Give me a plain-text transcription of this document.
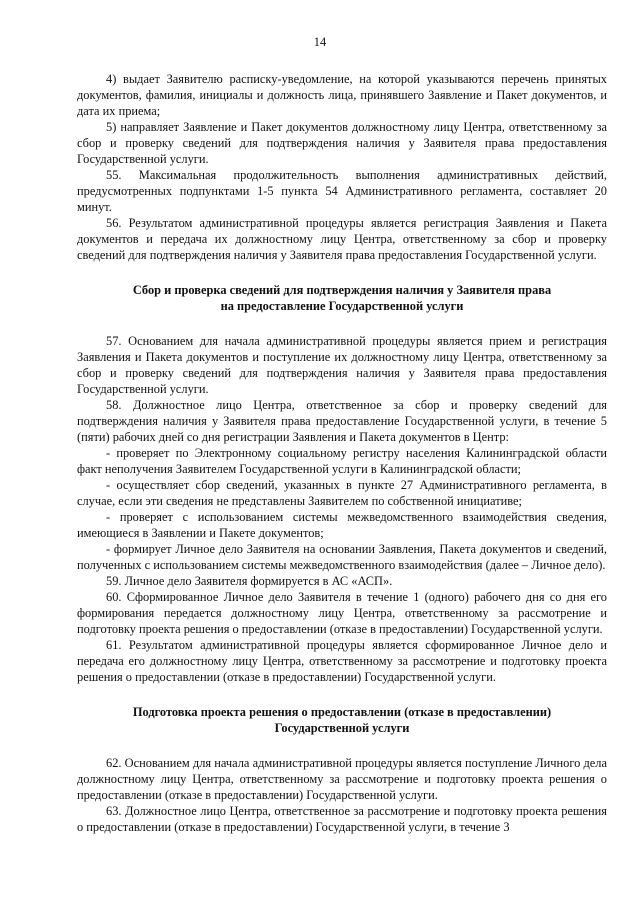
14

4) выдает Заявителю расписку-уведомление, на которой указываются перечень принятых документов, фамилия, инициалы и должность лица, принявшего Заявление и Пакет документов, и дата их приема;

5) направляет Заявление и Пакет документов должностному лицу Центра, ответственному за сбор и проверку сведений для подтверждения наличия у Заявителя права предоставления Государственной услуги.

55. Максимальная продолжительность выполнения административных действий, предусмотренных подпунктами 1-5 пункта 54 Административного регламента, составляет 20 минут.

56. Результатом административной процедуры является регистрация Заявления и Пакета документов и передача их должностному лицу Центра, ответственному за сбор и проверку сведений для подтверждения наличия у Заявителя права предоставления Государственной услуги.

Сбор и проверка сведений для подтверждения наличия у Заявителя права
на предоставление Государственной услуги

57. Основанием для начала административной процедуры является прием и регистрация Заявления и Пакета документов и поступление их должностному лицу Центра, ответственному за сбор и проверку сведений для подтверждения наличия у Заявителя права предоставления Государственной услуги.

58. Должностное лицо Центра, ответственное за сбор и проверку сведений для подтверждения наличия у Заявителя права предоставление Государственной услуги, в течение 5 (пяти) рабочих дней со дня регистрации Заявления и Пакета документов в Центр:

- проверяет по Электронному социальному регистру населения Калининградской области факт неполучения Заявителем Государственной услуги в Калининградской области;

- осуществляет сбор сведений, указанных в пункте 27 Административного регламента, в случае, если эти сведения не представлены Заявителем по собственной инициативе;

- проверяет с использованием системы межведомственного взаимодействия сведения, имеющиеся в Заявлении и Пакете документов;

- формирует Личное дело Заявителя на основании Заявления, Пакета документов и сведений, полученных с использованием системы межведомственного взаимодействия (далее – Личное дело).

59. Личное дело Заявителя формируется в АС «АСП».

60. Сформированное Личное дело Заявителя в течение 1 (одного) рабочего дня со дня его формирования передается должностному лицу Центра, ответственному за рассмотрение и подготовку проекта решения о предоставлении (отказе в предоставлении) Государственной услуги.

61. Результатом административной процедуры является сформированное Личное дело и передача его должностному лицу Центра, ответственному за рассмотрение и подготовку проекта решения о предоставлении (отказе в предоставлении) Государственной услуги.

Подготовка проекта решения о предоставлении (отказе в предоставлении)
Государственной услуги

62. Основанием для начала административной процедуры является поступление Личного дела должностному лицу Центра, ответственному за рассмотрение и подготовку проекта решения о предоставлении (отказе в предоставлении) Государственной услуги.

63. Должностное лицо Центра, ответственное за рассмотрение и подготовку проекта решения о предоставлении (отказе в предоставлении) Государственной услуги, в течение 3
